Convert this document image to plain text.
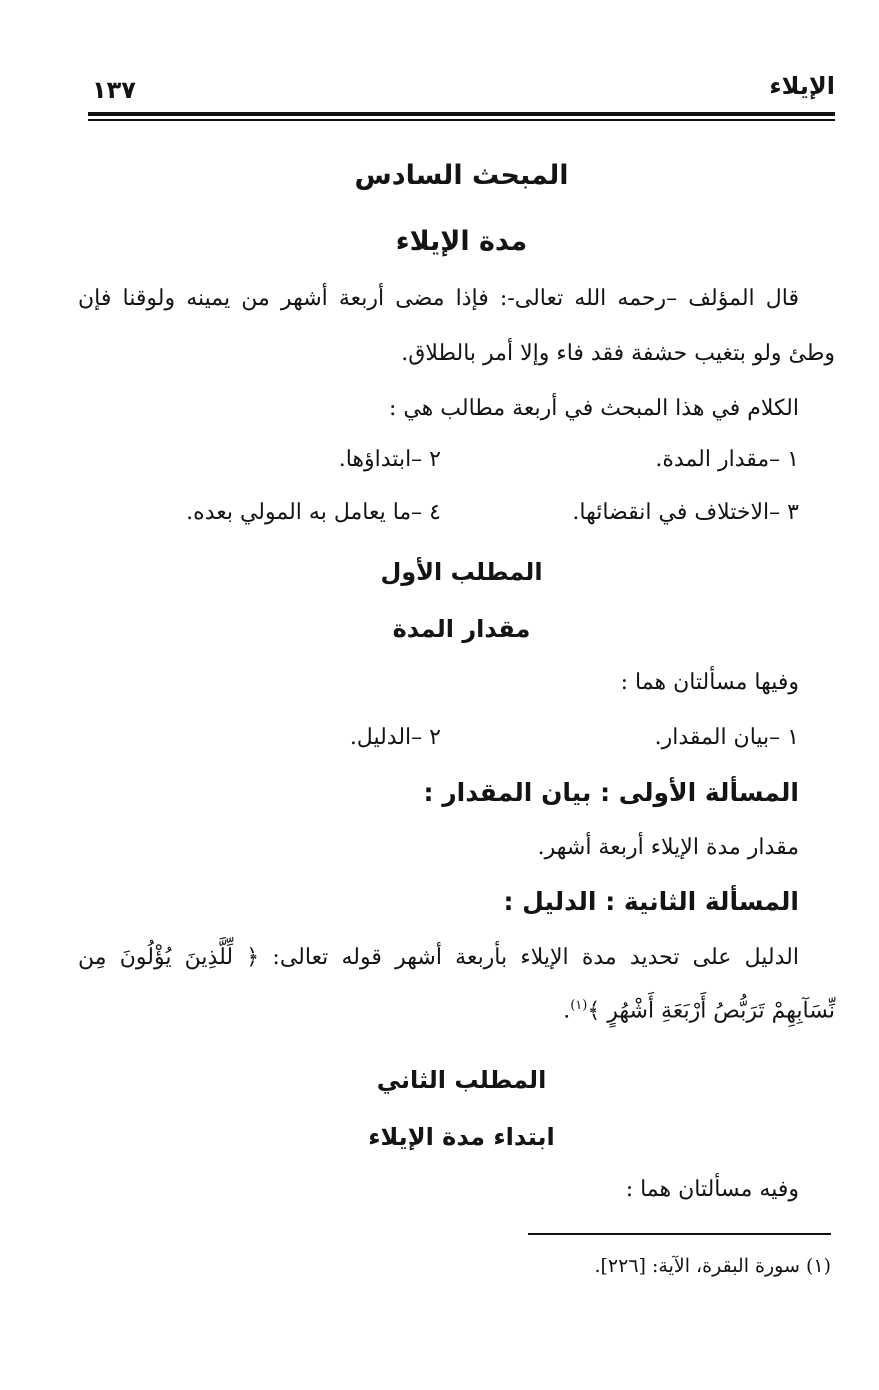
الإيلاء
١٣٧
المبحث السادس
مدة الإيلاء
قال المؤلف –رحمه الله تعالى-: فإذا مضى أربعة أشهر من يمينه ولوقنا فإن
وطئ ولو بتغيب حشفة فقد فاء وإلا أمر بالطلاق.
الكلام في هذا المبحث في أربعة مطالب هي :
١ –مقدار المدة.
٢ –ابتداؤها.
٣ –الاختلاف في انقضائها.
٤ –ما يعامل به المولي بعده.
المطلب الأول
مقدار المدة
وفيها مسألتان هما :
١ –بيان المقدار.
٢ –الدليل.
المسألة الأولى : بيان المقدار :
مقدار مدة الإيلاء أربعة أشهر.
المسألة الثانية : الدليل :
الدليل على تحديد مدة الإيلاء بأربعة أشهر قوله تعالى: ﴿ لِّلَّذِينَ يُؤْلُونَ مِن
نِّسَآبِهِمْ تَرَبُّصُ أَرْبَعَةِ أَشْهُرٍ ﴾$^{(١)}$.
المطلب الثاني
ابتداء مدة الإيلاء
وفيه مسألتان هما :
(١) سورة البقرة، الآية: [٢٢٦].
